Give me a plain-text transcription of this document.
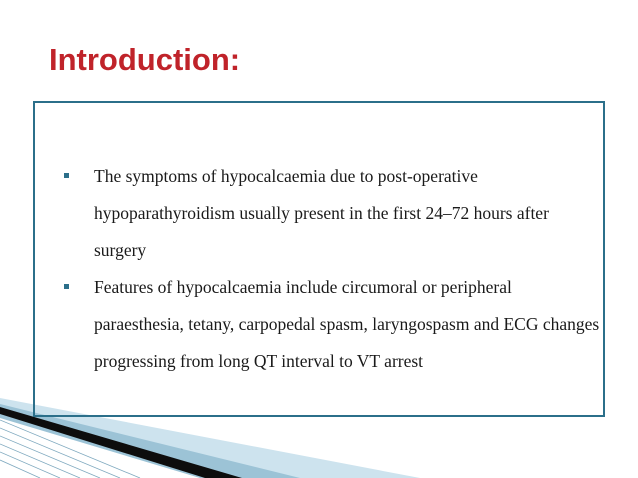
Introduction:
The symptoms of hypocalcaemia due to post-operative hypoparathyroidism usually present in the first 24–72 hours after surgery
Features of hypocalcaemia include circumoral or peripheral paraesthesia, tetany, carpopedal spasm, laryngospasm and ECG changes progressing from long QT interval to VT arrest
